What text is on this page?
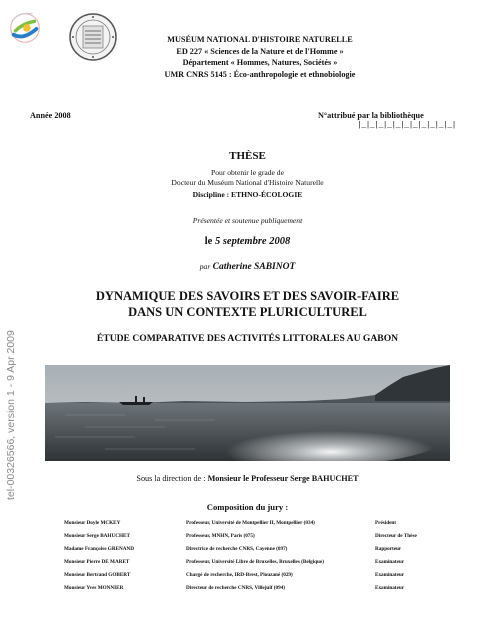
MUSÉUM NATIONAL D'HISTOIRE NATURELLE
ED 227 « Sciences de la Nature et de l'Homme »
Département « Hommes, Natures, Sociétés »
UMR CNRS 5145 : Éco-anthropologie et ethnobiologie
tel-00326566, version 1 - 9 Apr 2009
Année 2008	N°attribué par la bibliothèque
|_|_|_|_|_|_|_|_|_|_|_|
THÈSE
Pour obtenir le grade de
Docteur du Muséum National d'Histoire Naturelle
Discipline : ETHNO-ÉCOLOGIE
Présentée et soutenue publiquement
le 5 septembre 2008
par Catherine SABINOT
DYNAMIQUE DES SAVOIRS ET DES SAVOIR-FAIRE
DANS UN CONTEXTE PLURICULTUREL
ÉTUDE COMPARATIVE DES ACTIVITÉS LITTORALES AU GABON
Sous la direction de : Monsieur le Professeur Serge BAHUCHET
Composition du jury :
Monsieur Doyle MCKEY	Professeur, Université de Montpellier II, Montpellier (034)	Président
Monsieur Serge BAHUCHET	Professeur, MNHN, Paris (075)	Directeur de Thèse
Madame Françoise GRENAND	Directrice de recherche CNRS, Cayenne (097)	Rapporteur
Monsieur Pierre DE MARET	Professeur, Université Libre de Bruxelles, Bruxelles (Belgique)	Examinateur
Monsieur Bertrand GOBERT	Chargé de recherche, IRD-Brest, Plouzané (029)	Examinateur
Monsieur Yves MONNIER	Directeur de recherche CNRS, Villejuif (094)	Examinateur
